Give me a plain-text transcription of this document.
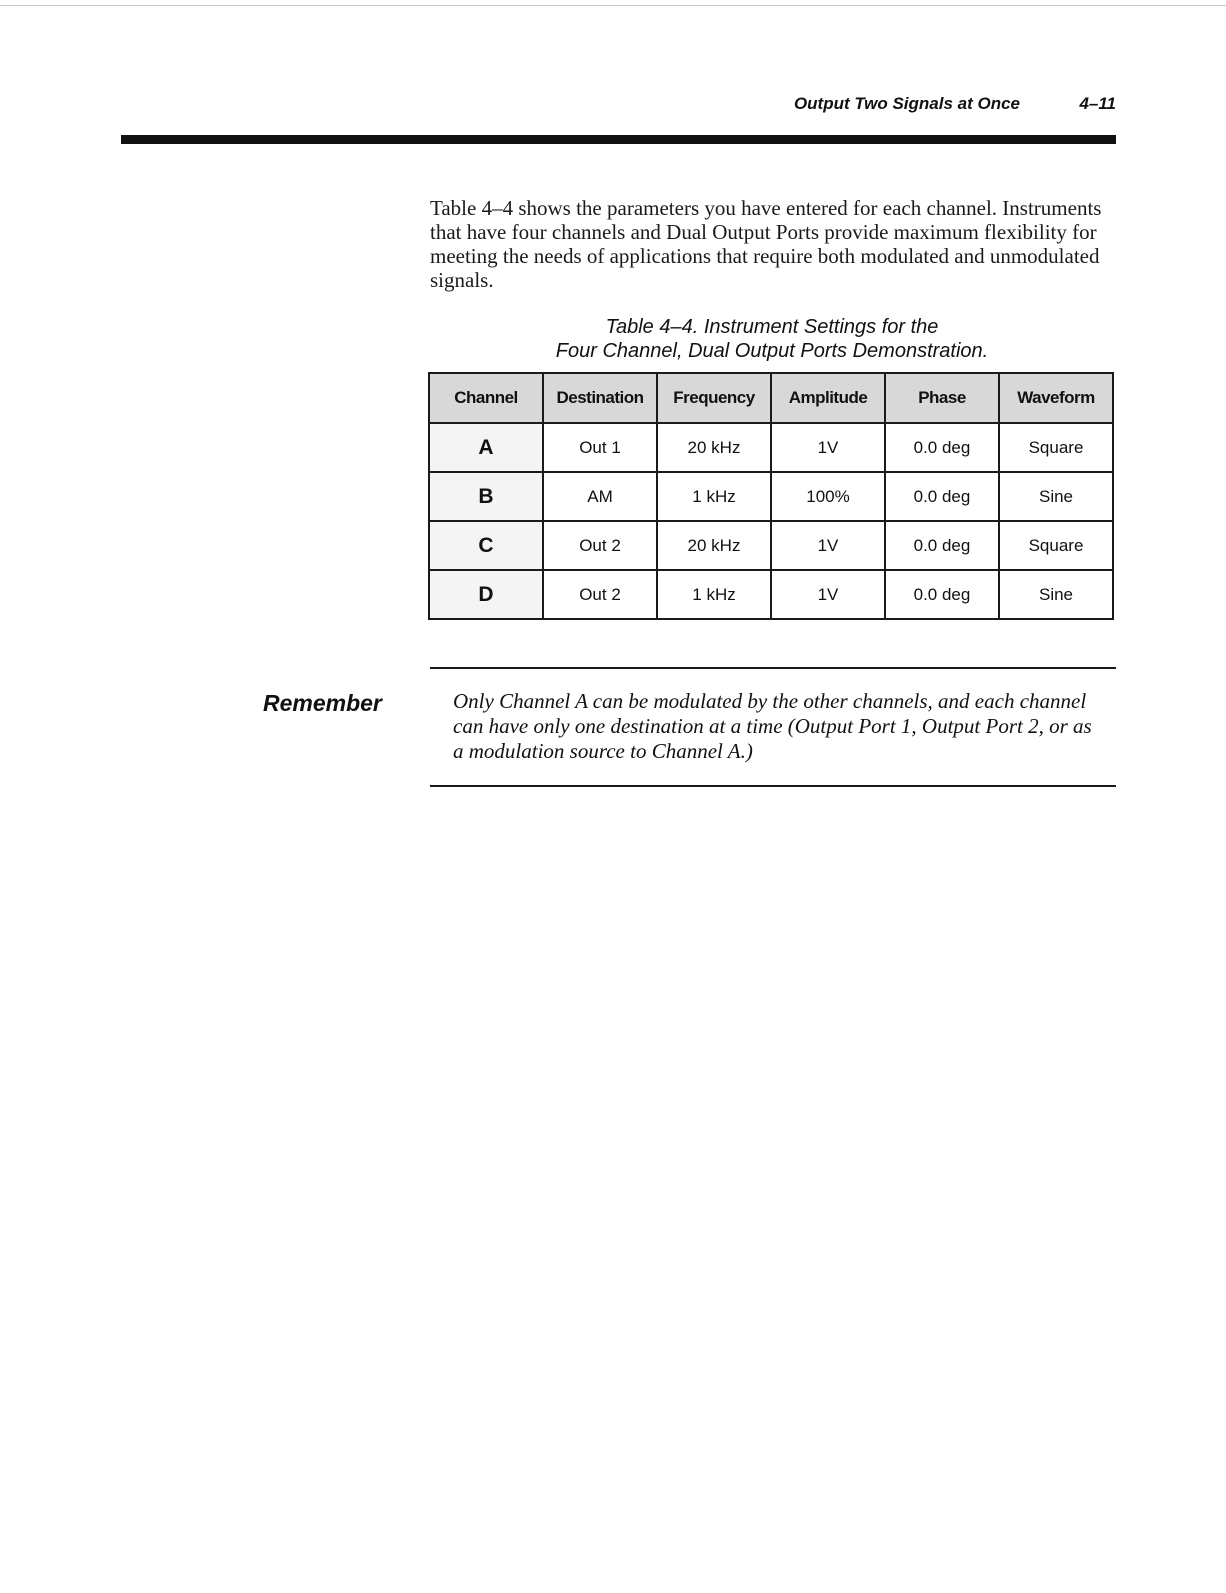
Output Two Signals at Once	4–11

Table 4–4 shows the parameters you have entered for each channel. Instruments that have four channels and Dual Output Ports provide maximum flexibility for meeting the needs of applications that require both modulated and unmodulated signals.

Table 4–4. Instrument Settings for the
Four Channel, Dual Output Ports Demonstration.
Channel	Destination	Frequency	Amplitude	Phase	Waveform
A	Out 1	20 kHz	1V	0.0 deg	Square
B	AM	1 kHz	100%	0.0 deg	Sine
C	Out 2	20 kHz	1V	0.0 deg	Square
D	Out 2	1 kHz	1V	0.0 deg	Sine
Remember	Only Channel A can be modulated by the other channels, and each channel can have only one destination at a time (Output Port 1, Output Port 2, or as a modulation source to Channel A.)
